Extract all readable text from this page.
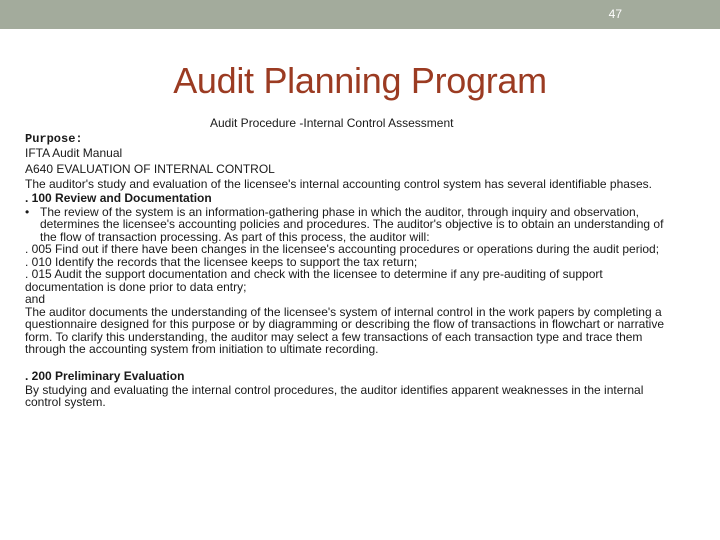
47
Audit Planning Program
Audit Procedure -Internal Control Assessment

Purpose:

IFTA Audit Manual

A640 EVALUATION OF INTERNAL CONTROL

The auditor's study and evaluation of the licensee's internal accounting control system has several identifiable phases.

. 100 Review and Documentation

• The review of the system is an information-gathering phase in which the auditor, through inquiry and observation, determines the licensee's accounting policies and procedures. The auditor's objective is to obtain an understanding of the flow of transaction processing. As part of this process, the auditor will:

. 005 Find out if there have been changes in the licensee's accounting procedures or operations during the audit period;

. 010 Identify the records that the licensee keeps to support the tax return;

. 015 Audit the support documentation and check with the licensee to determine if any pre-auditing of support documentation is done prior to data entry;

and

The auditor documents the understanding of the licensee's system of internal control in the work papers by completing a questionnaire designed for this purpose or by diagramming or describing the flow of transactions in flowchart or narrative form. To clarify this understanding, the auditor may select a few transactions of each transaction type and trace them through the accounting system from initiation to ultimate recording.

. 200 Preliminary Evaluation

By studying and evaluating the internal control procedures, the auditor identifies apparent weaknesses in the internal control system.
